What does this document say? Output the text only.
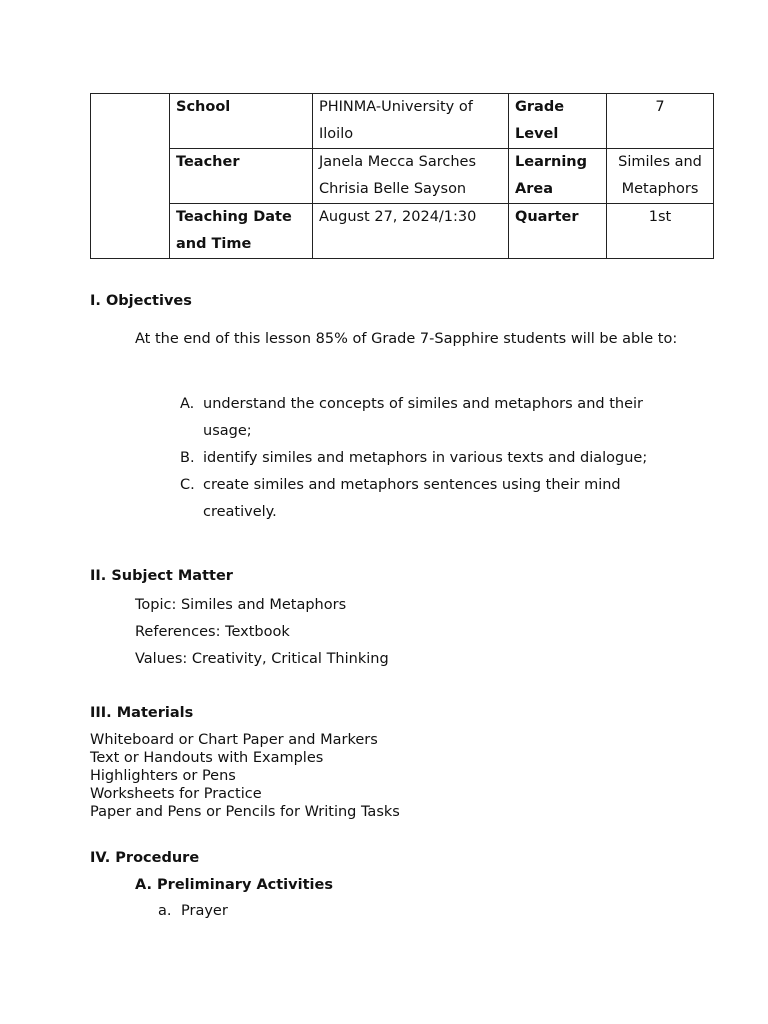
	School	PHINMA-University of Iloilo	Grade Level	7
	Teacher	Janela Mecca Sarches Chrisia Belle Sayson	Learning Area	Similes and Metaphors
	Teaching Date and Time	August 27, 2024/1:30	Quarter	1st
I. Objectives
At the end of this lesson 85% of Grade 7-Sapphire students will be able to:
A. understand the concepts of similes and metaphors and their usage;
B. identify similes and metaphors in various texts and dialogue;
C. create similes and metaphors sentences using their mind creatively.
II. Subject Matter
Topic: Similes and Metaphors
References: Textbook
Values: Creativity, Critical Thinking
III. Materials
Whiteboard or Chart Paper and Markers
Text or Handouts with Examples
Highlighters or Pens
Worksheets for Practice
Paper and Pens or Pencils for Writing Tasks
IV. Procedure
A. Preliminary Activities
a. Prayer
